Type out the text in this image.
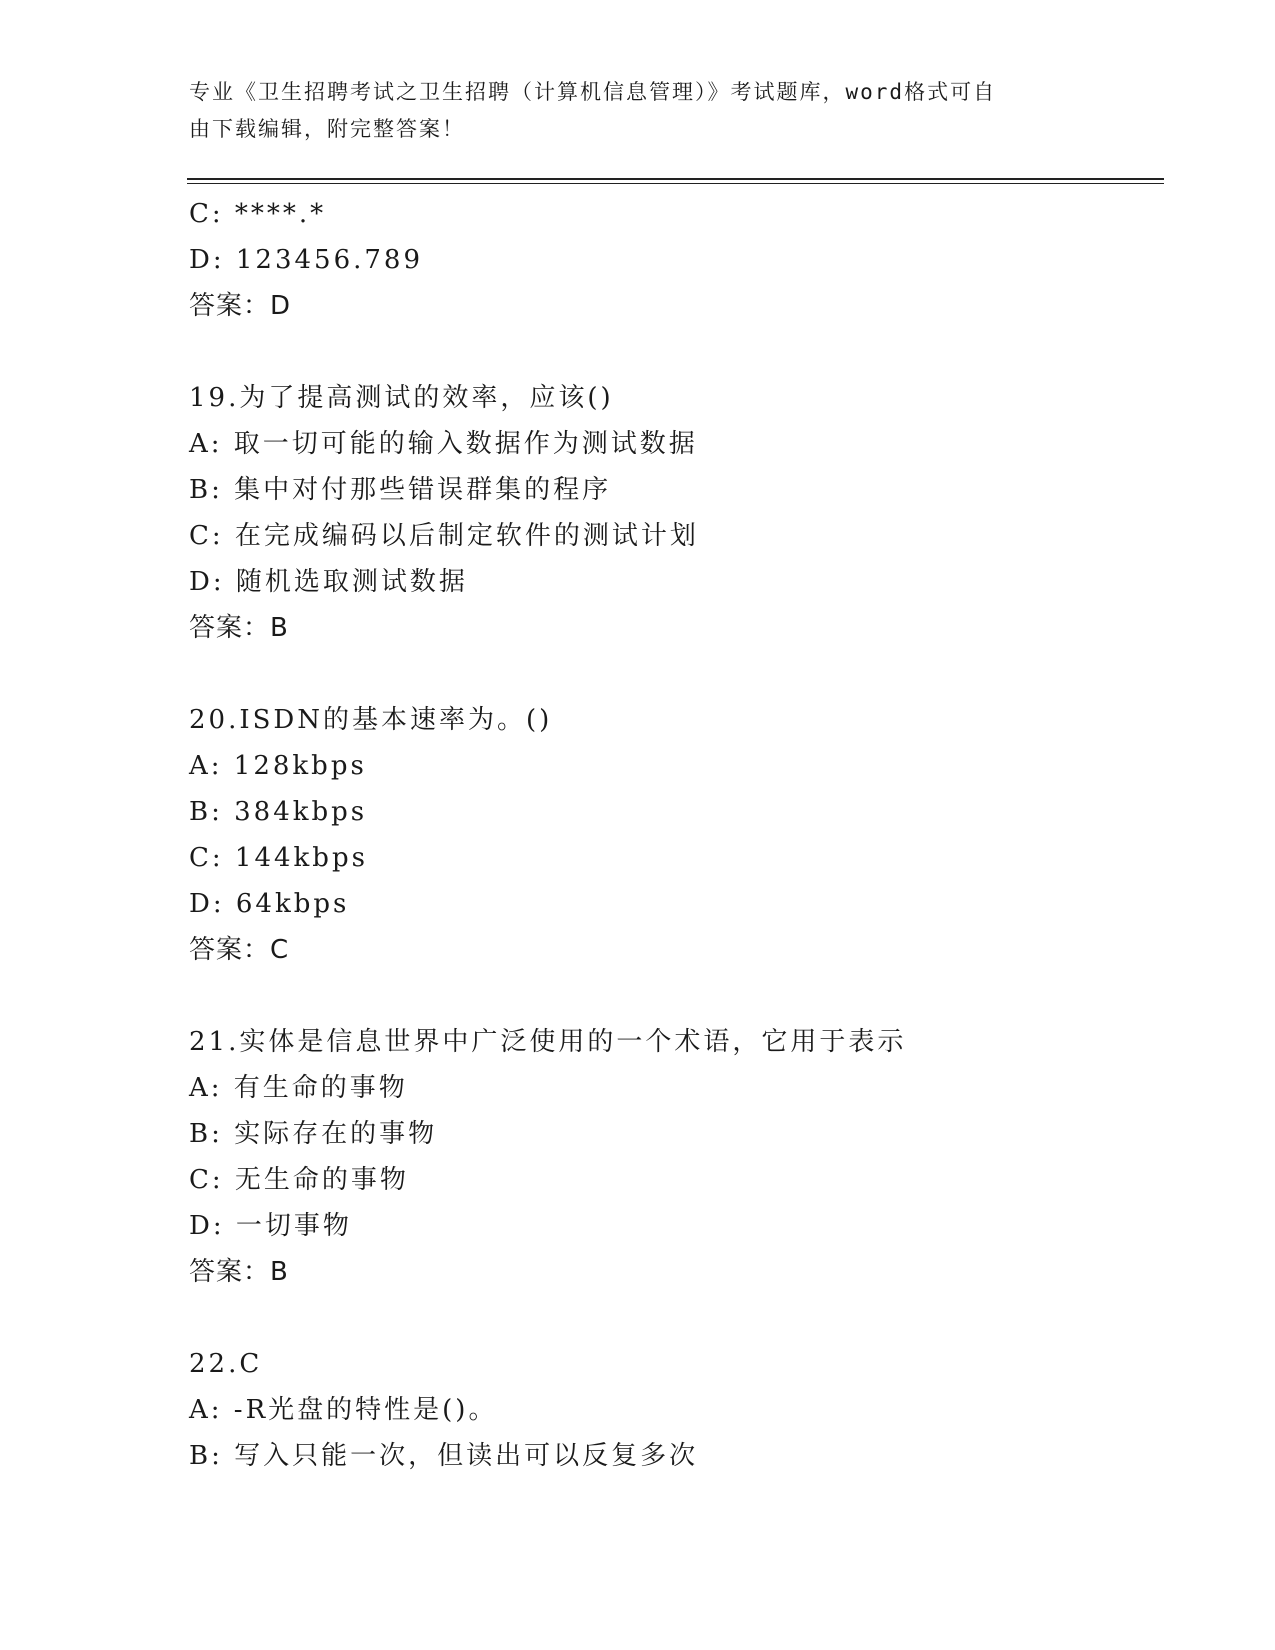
专业《卫生招聘考试之卫生招聘（计算机信息管理）》考试题库，word格式可自
由下载编辑，附完整答案！
C: ****.*
D: 123456.789
答案：D
19.为了提高测试的效率，应该()
A: 取一切可能的输入数据作为测试数据
B: 集中对付那些错误群集的程序
C: 在完成编码以后制定软件的测试计划
D: 随机选取测试数据
答案：B
20.ISDN的基本速率为。()
A: 128kbps
B: 384kbps
C: 144kbps
D: 64kbps
答案：C
21.实体是信息世界中广泛使用的一个术语，它用于表示
A: 有生命的事物
B: 实际存在的事物
C: 无生命的事物
D: 一切事物
答案：B
22.C
A: -R光盘的特性是()。
B: 写入只能一次，但读出可以反复多次
